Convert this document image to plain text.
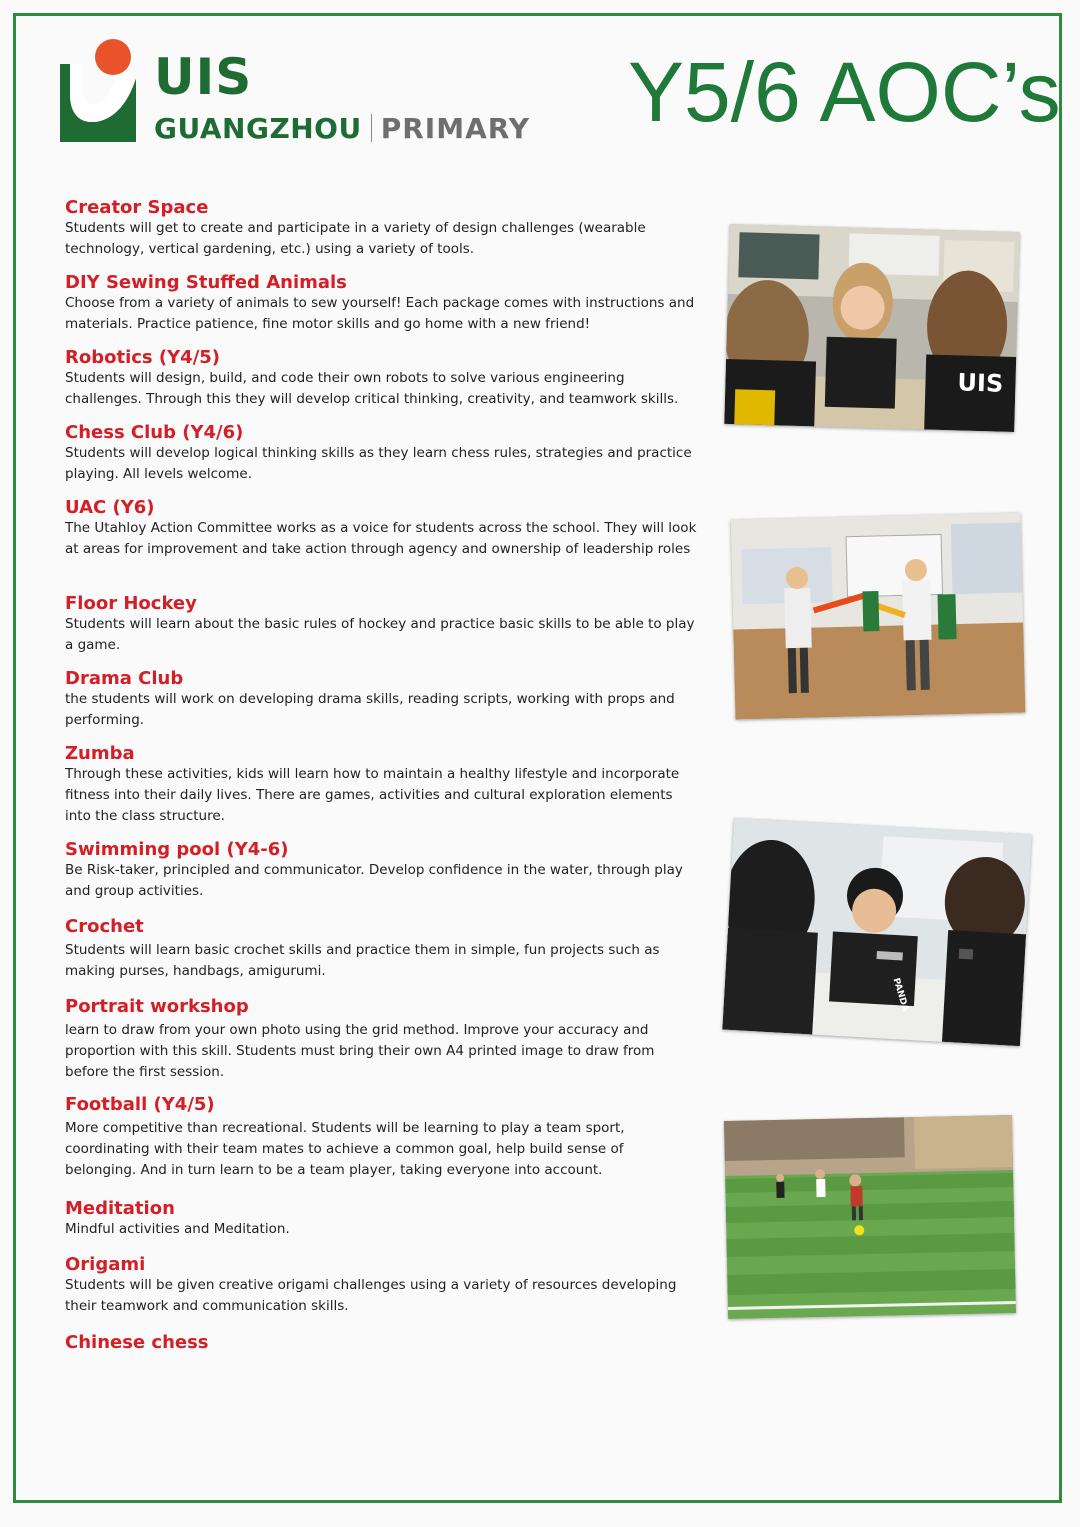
UIS
GUANGZHOU PRIMARY Y5/6 AOC’s
Creator Space

Students will get to create and participate in a variety of design challenges (wearable technology, vertical gardening, etc.) using a variety of tools.

DIY Sewing Stuffed Animals

Choose from a variety of animals to sew yourself! Each package comes with instructions and materials. Practice patience, fine motor skills and go home with a new friend!

Robotics (Y4/5)

Students will design, build, and code their own robots to solve various engineering challenges. Through this they will develop critical thinking, creativity, and teamwork skills.

Chess Club (Y4/6)

Students will develop logical thinking skills as they learn chess rules, strategies and practice playing. All levels welcome.

UAC (Y6)

The Utahloy Action Committee works as a voice for students across the school. They will look at areas for improvement and take action through agency and ownership of leadership roles

Floor Hockey

Students will learn about the basic rules of hockey and practice basic skills to be able to play a game.

Drama Club

the students will work on developing drama skills, reading scripts, working with props and performing.

Zumba

Through these activities, kids will learn how to maintain a healthy lifestyle and incorporate fitness into their daily lives. There are games, activities and cultural exploration elements into the class structure.

Swimming pool (Y4-6)

Be Risk-taker, principled and communicator. Develop confidence in the water, through play and group activities.

Crochet

Students will learn basic crochet skills and practice them in simple, fun projects such as making purses, handbags, amigurumi.

Portrait workshop

learn to draw from your own photo using the grid method. Improve your accuracy and proportion with this skill. Students must bring their own A4 printed image to draw from before the first session.

Football (Y4/5)

More competitive than recreational. Students will be learning to play a team sport, coordinating with their team mates to achieve a common goal, help build sense of belonging. And in turn learn to be a team player, taking everyone into account.

Meditation

Mindful activities and Meditation.

Origami

Students will be given creative origami challenges using a variety of resources developing their teamwork and communication skills.

Chinese chess
UIS
PANDA
